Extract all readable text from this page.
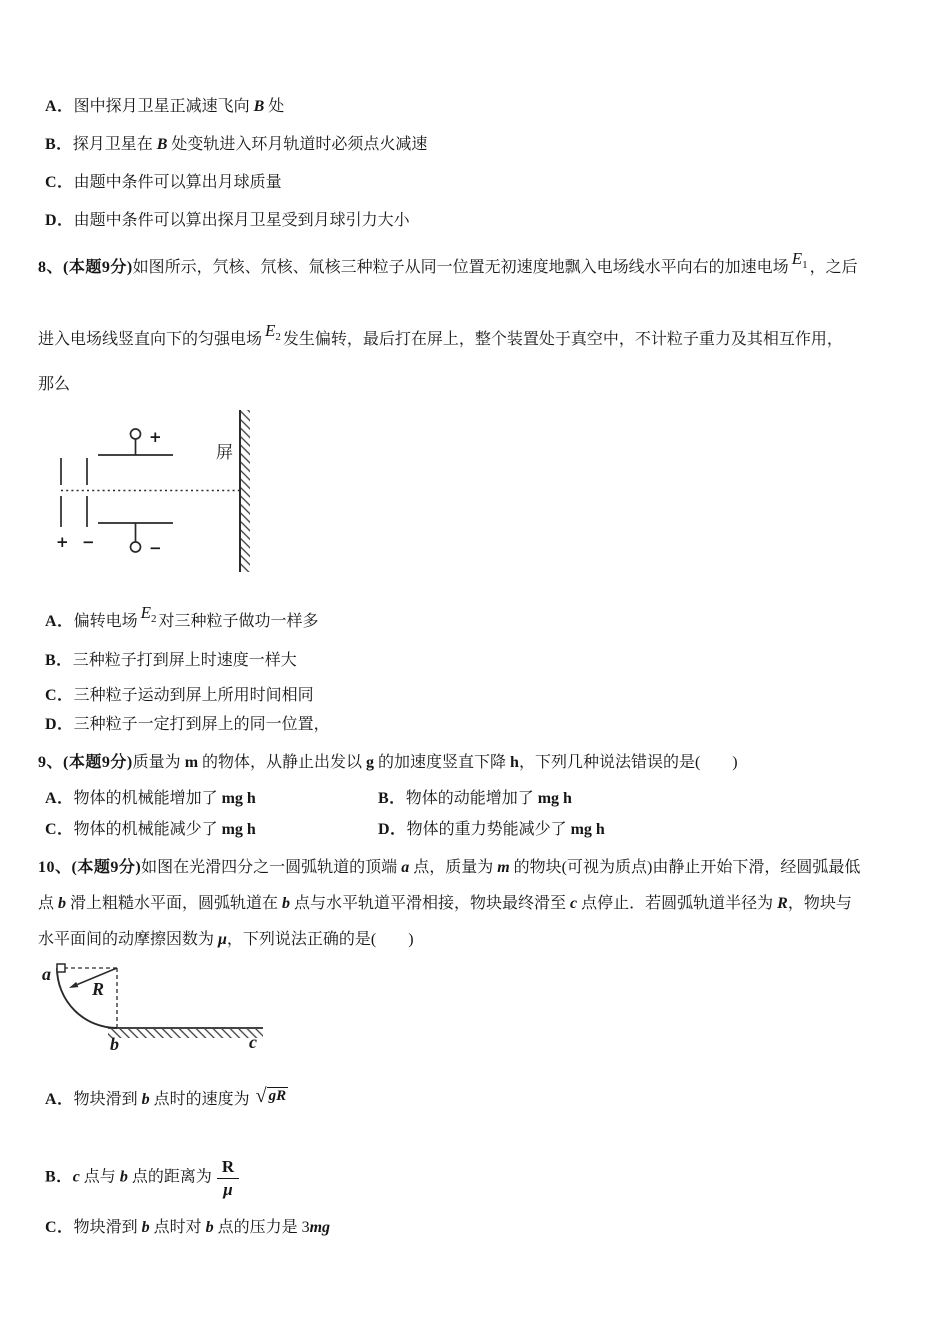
A．图中探月卫星正减速飞向 B 处
B．探月卫星在 B 处变轨进入环月轨道时必须点火减速
C．由题中条件可以算出月球质量
D．由题中条件可以算出探月卫星受到月球引力大小
8、(本题9分)如图所示，氕核、氘核、氚核三种粒子从同一位置无初速度地飘入电场线水平向右的加速电场 $E^1$ ，之后
进入电场线竖直向下的匀强电场 $E^2$ 发生偏转，最后打在屏上，整个装置处于真空中，不计粒子重力及其相互作用，
那么
+
−
+ −
屏
A．偏转电场 $E^2$ 对三种粒子做功一样多
B．三种粒子打到屏上时速度一样大
C．三种粒子运动到屏上所用时间相同
D．三种粒子一定打到屏上的同一位置，
9、(本题9分)质量为 m 的物体，从静止出发以 g 的加速度竖直下降 h，下列几种说法错误的是(　　)
A．物体的机械能增加了 mg h	B．物体的动能增加了 mg h
C．物体的机械能减少了 mg h	D．物体的重力势能减少了 mg h
10、(本题9分)如图在光滑四分之一圆弧轨道的顶端 a 点，质量为 m 的物块(可视为质点)由静止开始下滑，经圆弧最低
点 b 滑上粗糙水平面，圆弧轨道在 b 点与水平轨道平滑相接，物块最终滑至 c 点停止．若圆弧轨道半径为 R，物块与
水平面间的动摩擦因数为 μ，下列说法正确的是(　　)
a
R
b	c
A．物块滑到 b 点时的速度为 √ gR
B．c 点与 b 点的距离为 $\frac{R}{\mu}$
C．物块滑到 b 点时对 b 点的压力是 3mg
